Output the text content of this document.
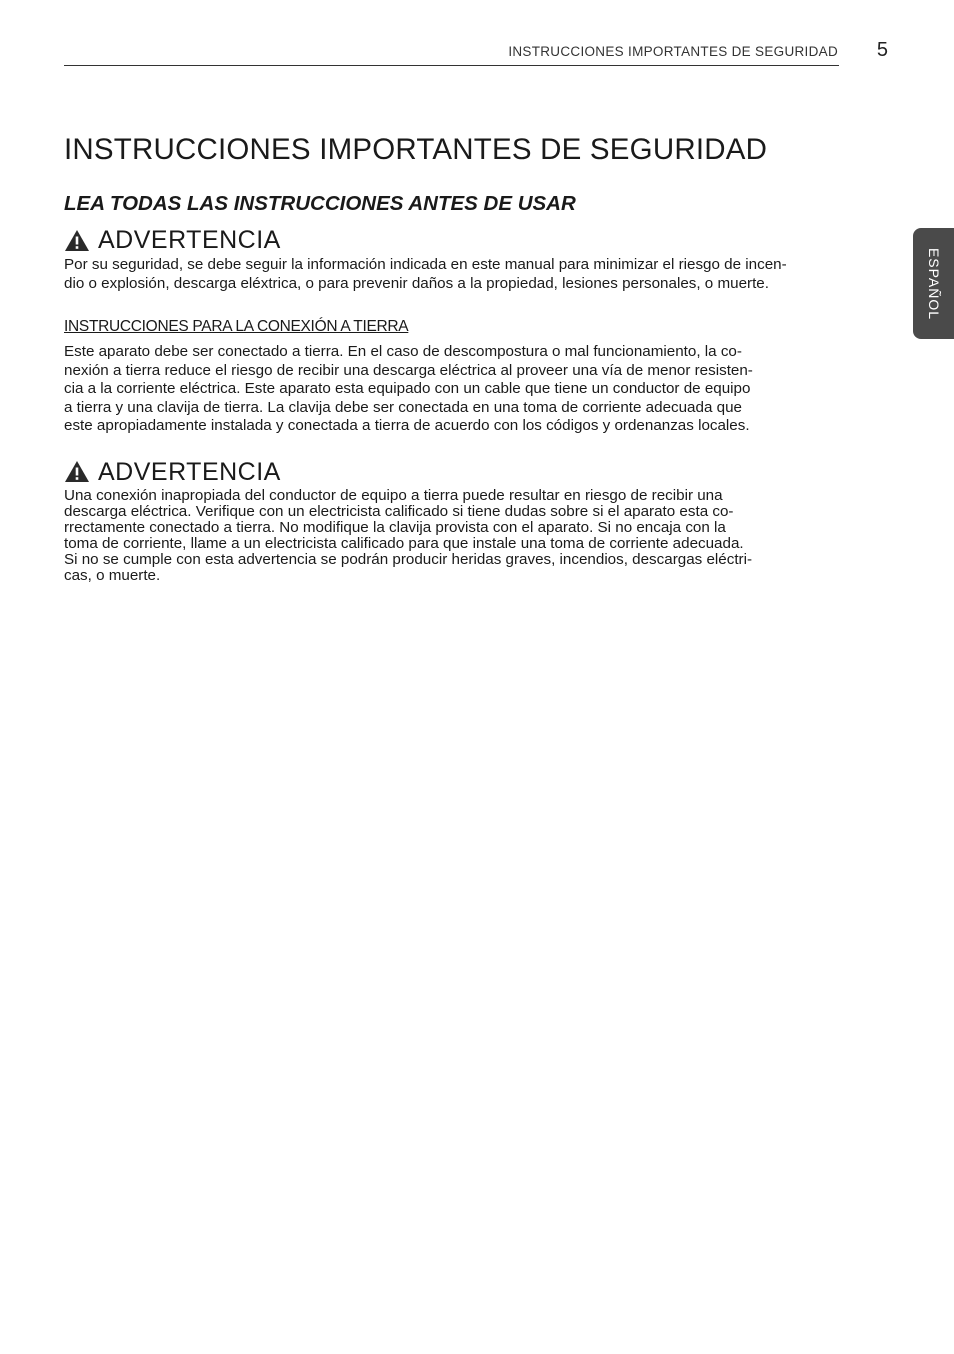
INSTRUCCIONES IMPORTANTES DE SEGURIDAD 5
ESPAÑOL
INSTRUCCIONES IMPORTANTES DE SEGURIDAD
LEA TODAS LAS INSTRUCCIONES ANTES DE USAR
ADVERTENCIA

Por su seguridad, se debe seguir la información indicada en este manual para minimizar el riesgo de incen-
dio o explosión, descarga eléxtrica, o para prevenir daños a la propiedad, lesiones personales, o muerte.

INSTRUCCIONES PARA LA CONEXIÓN A TIERRA

Este aparato debe ser conectado a tierra. En el caso de descompostura o mal funcionamiento, la co-
nexión a tierra reduce el riesgo de recibir una descarga eléctrica al proveer una vía de menor resisten-
cia a la corriente eléctrica. Este aparato esta equipado con un cable que tiene un conductor de equipo
a tierra y una clavija de tierra. La clavija debe ser conectada en una toma de corriente adecuada que
este apropiadamente instalada y conectada a tierra de acuerdo con los códigos y ordenanzas locales.

ADVERTENCIA

Una conexión inapropiada del conductor de equipo a tierra puede resultar en riesgo de recibir una
descarga eléctrica. Verifique con un electricista calificado si tiene dudas sobre si el aparato esta co-
rrectamente conectado a tierra. No modifique la clavija provista con el aparato. Si no encaja con la
toma de corriente, llame a un electricista calificado para que instale una toma de corriente adecuada.
Si no se cumple con esta advertencia se podrán producir heridas graves, incendios, descargas eléctri-
cas, o muerte.
